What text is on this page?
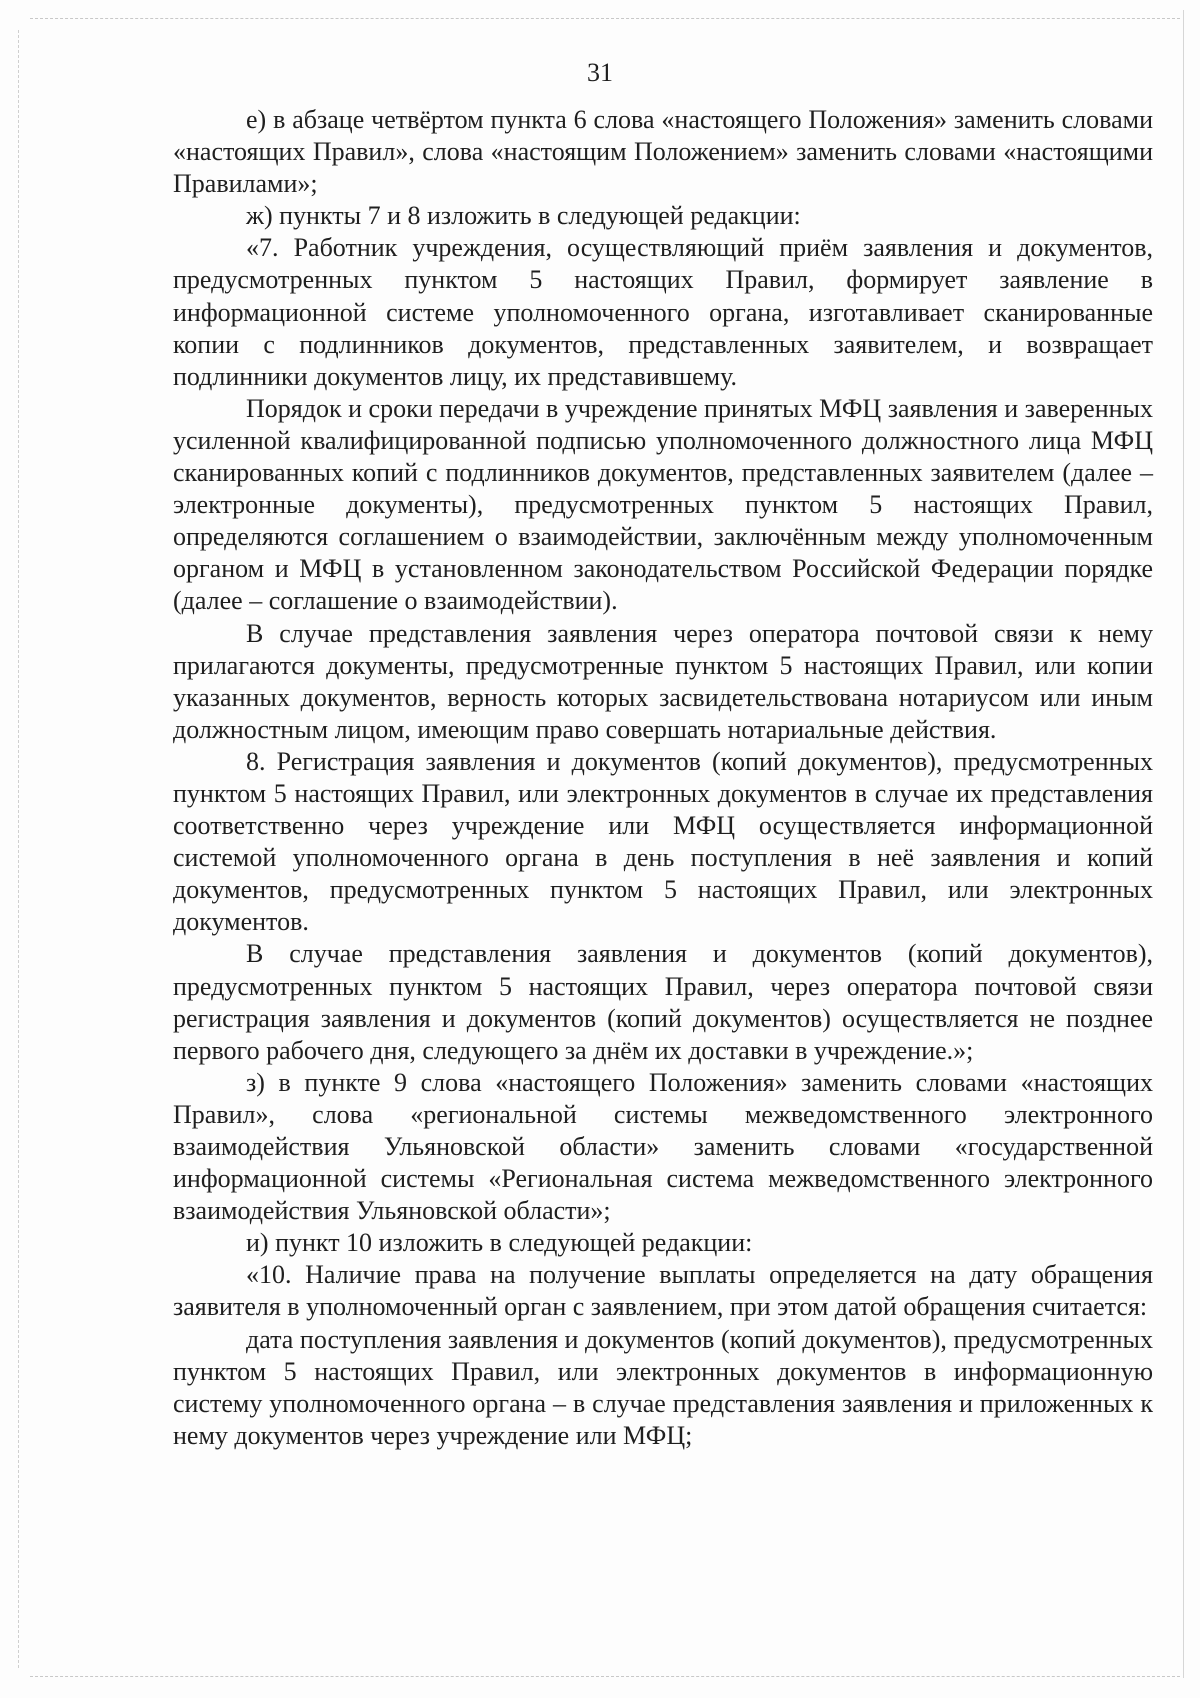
31

е) в абзаце четвёртом пункта 6 слова «настоящего Положения» заменить словами «настоящих Правил», слова «настоящим Положением» заменить словами «настоящими Правилами»;

ж) пункты 7 и 8 изложить в следующей редакции:

«7. Работник учреждения, осуществляющий приём заявления и документов, предусмотренных пунктом 5 настоящих Правил, формирует заявление в информационной системе уполномоченного органа, изготавливает сканированные копии с подлинников документов, представленных заявителем, и возвращает подлинники документов лицу, их представившему.

Порядок и сроки передачи в учреждение принятых МФЦ заявления и заверенных усиленной квалифицированной подписью уполномоченного должностного лица МФЦ сканированных копий с подлинников документов, представленных заявителем (далее – электронные документы), предусмотренных пунктом 5 настоящих Правил, определяются соглашением о взаимодействии, заключённым между уполномоченным органом и МФЦ в установленном законодательством Российской Федерации порядке (далее – соглашение о взаимодействии).

В случае представления заявления через оператора почтовой связи к нему прилагаются документы, предусмотренные пунктом 5 настоящих Правил, или копии указанных документов, верность которых засвидетельствована нотариусом или иным должностным лицом, имеющим право совершать нотариальные действия.

8. Регистрация заявления и документов (копий документов), предусмотренных пунктом 5 настоящих Правил, или электронных документов в случае их представления соответственно через учреждение или МФЦ осуществляется информационной системой уполномоченного органа в день поступления в неё заявления и копий документов, предусмотренных пунктом 5 настоящих Правил, или электронных документов.

В случае представления заявления и документов (копий документов), предусмотренных пунктом 5 настоящих Правил, через оператора почтовой связи регистрация заявления и документов (копий документов) осуществляется не позднее первого рабочего дня, следующего за днём их доставки в учреждение.»;

з) в пункте 9 слова «настоящего Положения» заменить словами «настоящих Правил», слова «региональной системы межведомственного электронного взаимодействия Ульяновской области» заменить словами «государственной информационной системы «Региональная система межведомственного электронного взаимодействия Ульяновской области»;

и) пункт 10 изложить в следующей редакции:

«10. Наличие права на получение выплаты определяется на дату обращения заявителя в уполномоченный орган с заявлением, при этом датой обращения считается:

дата поступления заявления и документов (копий документов), предусмотренных пунктом 5 настоящих Правил, или электронных документов в информационную систему уполномоченного органа – в случае представления заявления и приложенных к нему документов через учреждение или МФЦ;
